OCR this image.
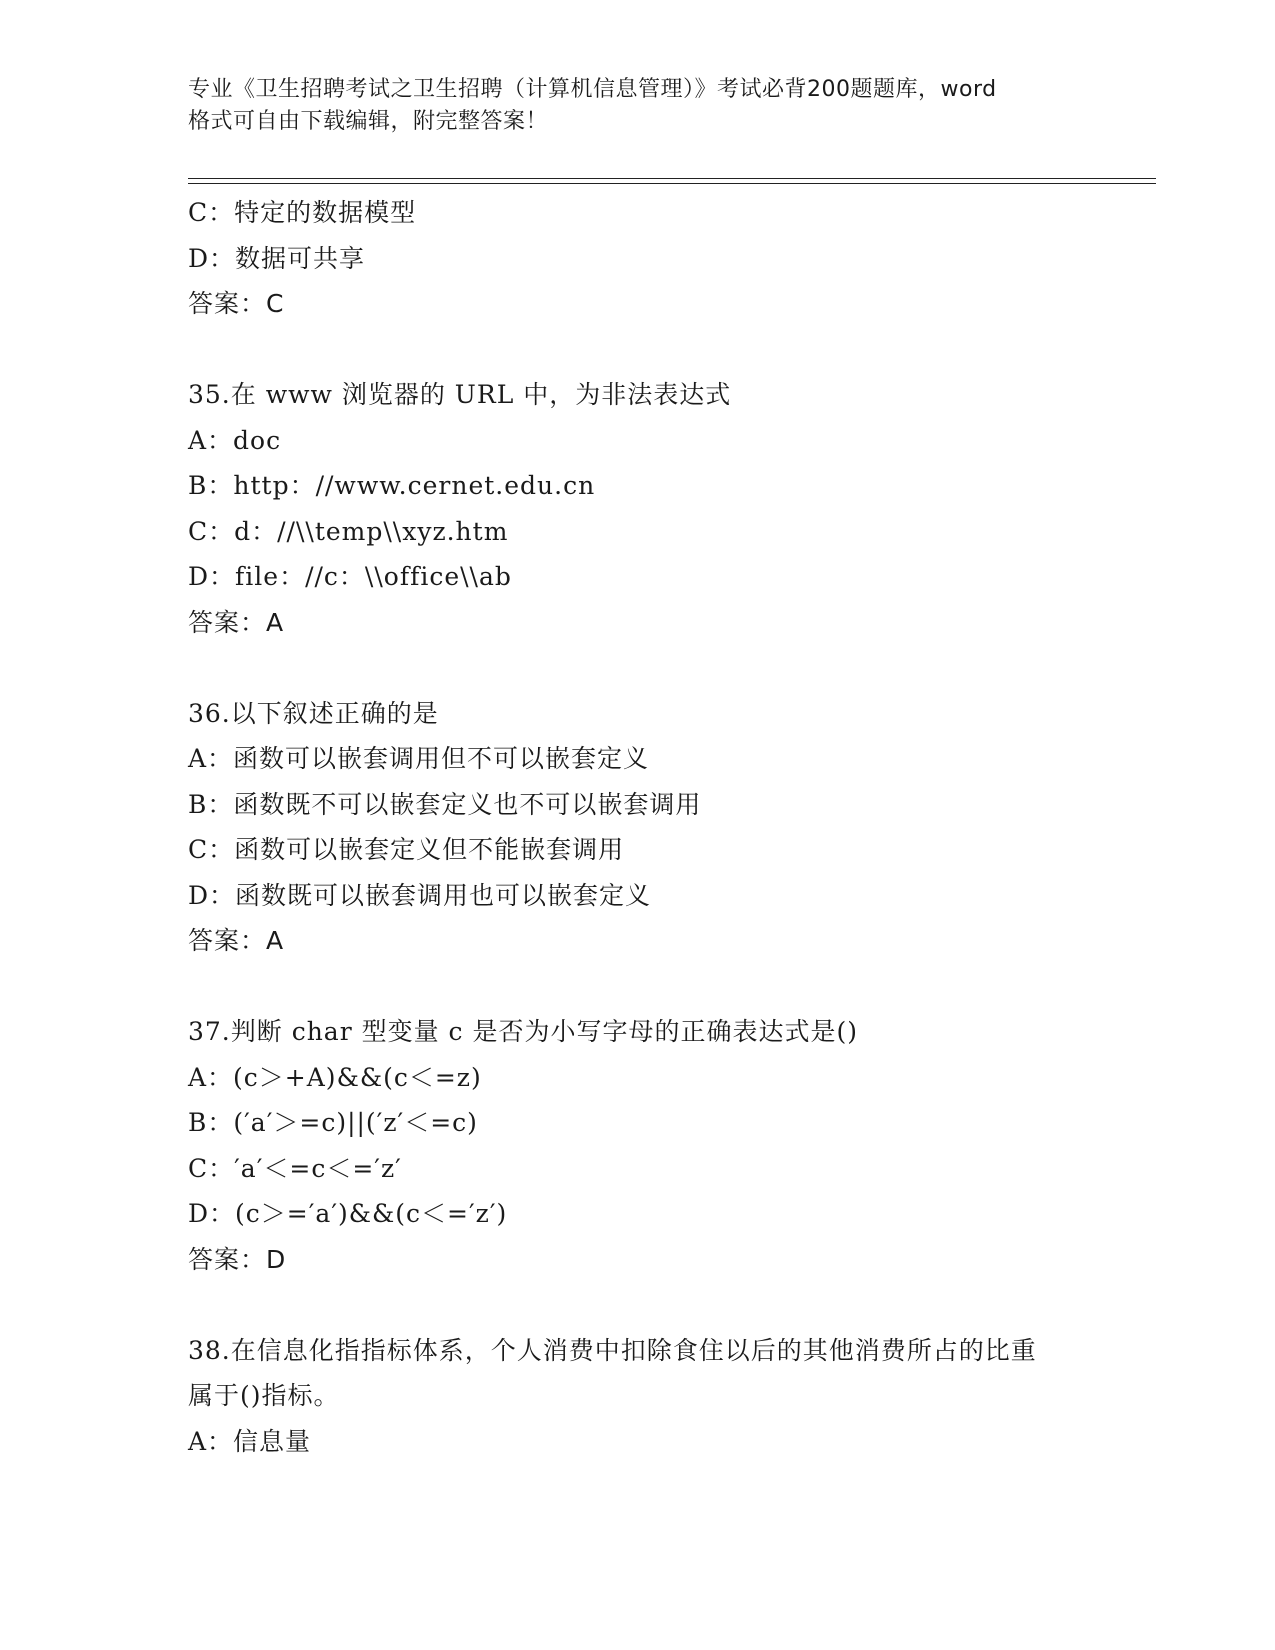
专业《卫生招聘考试之卫生招聘（计算机信息管理）》考试必背200题题库，word
格式可自由下载编辑，附完整答案！
C：特定的数据模型
D：数据可共享
答案：C
35.在 www 浏览器的 URL 中，为非法表达式
A：doc
B：http：//www.cernet.edu.cn
C：d：//\\temp\\xyz.htm
D：file：//c：\\office\\ab
答案：A
36.以下叙述正确的是
A：函数可以嵌套调用但不可以嵌套定义
B：函数既不可以嵌套定义也不可以嵌套调用
C：函数可以嵌套定义但不能嵌套调用
D：函数既可以嵌套调用也可以嵌套定义
答案：A
37.判断 char 型变量 c 是否为小写字母的正确表达式是()
A：(c＞+A)&&(c＜=z)
B：(′a′＞=c)||(′z′＜=c)
C：′a′＜=c＜=′z′
D：(c＞=′a′)&&(c＜=′z′)
答案：D
38.在信息化指指标体系，个人消费中扣除食住以后的其他消费所占的比重属于()指标。
A：信息量
